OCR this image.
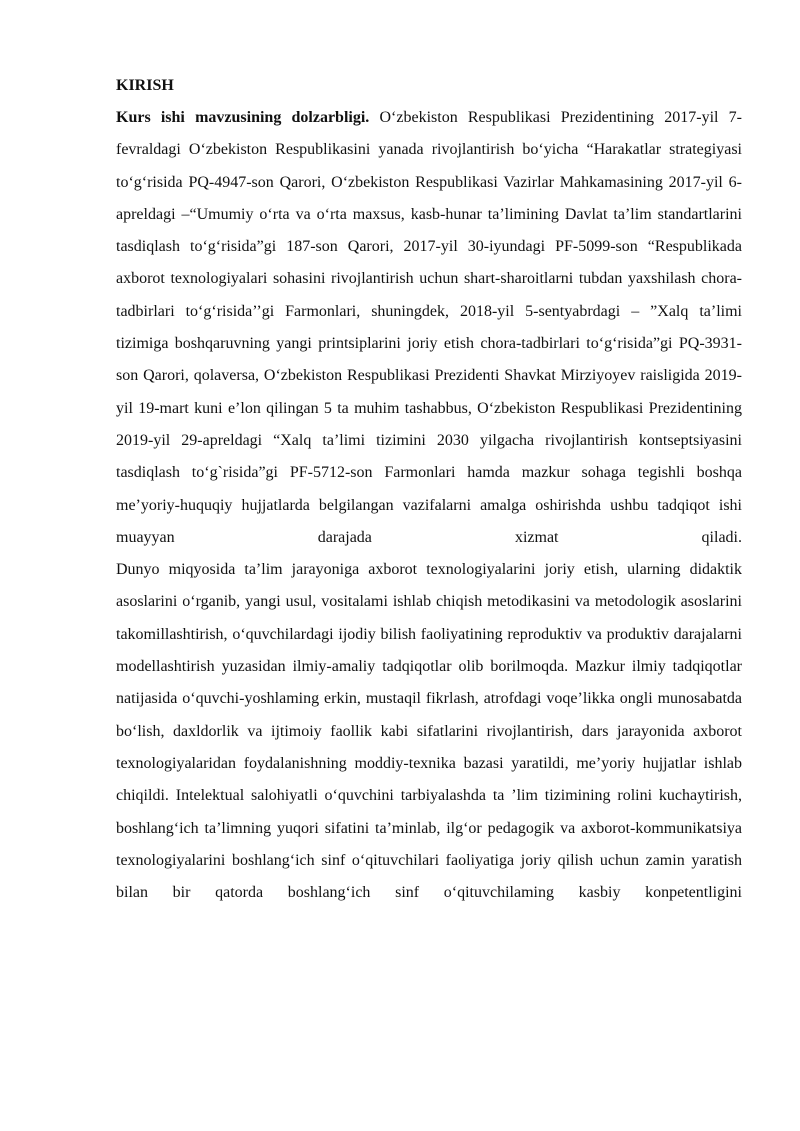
KIRISH

Kurs ishi mavzusining dolzarbligi. O‘zbekiston Respublikasi Prezidentining 2017-yil 7-fevraldagi O‘zbekiston Respublikasini yanada rivojlantirish bo‘yicha “Harakatlar strategiyasi to‘g‘risida PQ-4947-son Qarori, O‘zbekiston Respublikasi Vazirlar Mahkamasining 2017-yil 6-apreldagi –“Umumiy o‘rta va o‘rta maxsus, kasb-hunar ta’limining Davlat ta’lim standartlarini tasdiqlash to‘g‘risida”gi 187-son Qarori, 2017-yil 30-iyundagi PF-5099-son “Respublikada axborot texnologiyalari sohasini rivojlantirish uchun shart-sharoitlarni tubdan yaxshilash chora-tadbirlari to‘g‘risida’’gi Farmonlari, shuningdek, 2018-yil 5-sentyabrdagi – ”Xalq ta’limi tizimiga boshqaruvning yangi printsiplarini joriy etish chora-tadbirlari to‘g‘risida”gi PQ-3931-son Qarori, qolaversa, O‘zbekiston Respublikasi Prezidenti Shavkat Mirziyoyev raisligida 2019-yil 19-mart kuni e’lon qilingan 5 ta muhim tashabbus, O‘zbekiston Respublikasi Prezidentining 2019-yil 29-apreldagi “Xalq ta’limi tizimini 2030 yilgacha rivojlantirish kontseptsiyasini tasdiqlash to‘g`risida”gi PF-5712-son Farmonlari hamda mazkur sohaga tegishli boshqa me’yoriy-huquqiy hujjatlarda belgilangan vazifalarni amalga oshirishda ushbu tadqiqot ishi muayyan darajada xizmat qiladi.

Dunyo miqyosida ta’lim jarayoniga axborot texnologiyalarini joriy etish, ularning didaktik asoslarini o‘rganib, yangi usul, vositalami ishlab chiqish metodikasini va metodologik asoslarini takomillashtirish, o‘quvchilardagi ijodiy bilish faoliyatining reproduktiv va produktiv darajalarni modellashtirish yuzasidan ilmiy-amaliy tadqiqotlar olib borilmoqda. Mazkur ilmiy tadqiqotlar natijasida o‘quvchi-yoshlaming erkin, mustaqil fikrlash, atrofdagi voqe’likka ongli munosabatda bo‘lish, daxldorlik va ijtimoiy faollik kabi sifatlarini rivojlantirish, dars jarayonida axborot texnologiyalaridan foydalanishning moddiy-texnika bazasi yaratildi, me’yoriy hujjatlar ishlab chiqildi. Intelektual salohiyatli o‘quvchini tarbiyalashda ta ’lim tizimining rolini kuchaytirish, boshlang‘ich ta’limning yuqori sifatini ta’minlab, ilg‘or pedagogik va axborot-kommunikatsiya texnologiyalarini boshlang‘ich sinf o‘qituvchilari faoliyatiga joriy qilish uchun zamin yaratish bilan bir qatorda boshlang‘ich sinf o‘qituvchilaming kasbiy konpetentligini
